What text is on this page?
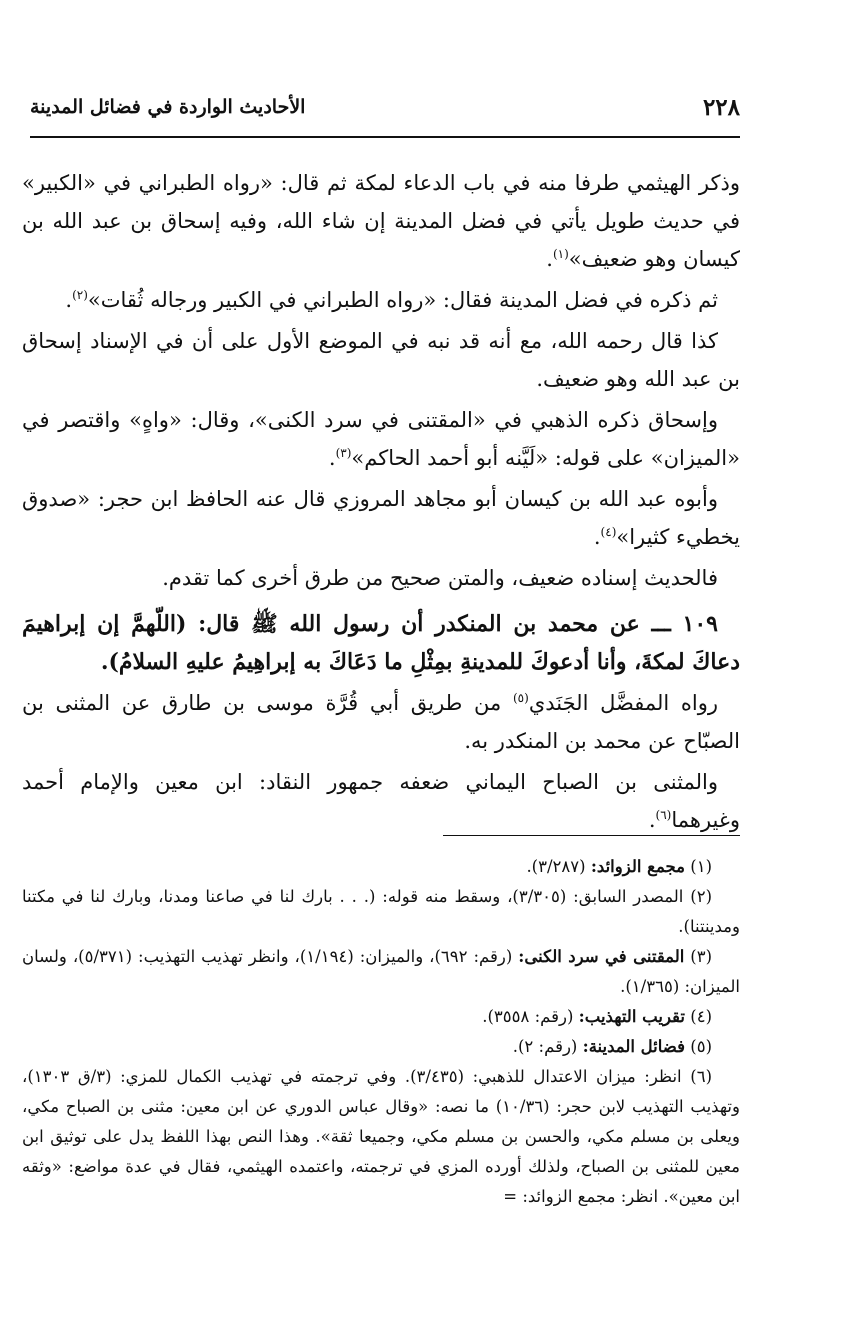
٢٢٨
الأحاديث الواردة في فضائل المدينة

وذكر الهيثمي طرفا منه في باب الدعاء لمكة ثم قال: «رواه الطبراني في «الكبير» في حديث طويل يأتي في فضل المدينة إن شاء الله، وفيه إسحاق بن عبد الله بن كيسان وهو ضعيف»$^{(١)}$.

ثم ذكره في فضل المدينة فقال: «رواه الطبراني في الكبير ورجاله ثُقات»$^{(٢)}$.

كذا قال رحمه الله، مع أنه قد نبه في الموضع الأول على أن في الإسناد إسحاق بن عبد الله وهو ضعيف.

وإسحاق ذكره الذهبي في «المقتنى في سرد الكنى»، وقال: «واهٍ» واقتصر في «الميزان» على قوله: «لَيَّنه أبو أحمد الحاكم»$^{(٣)}$.

وأبوه عبد الله بن كيسان أبو مجاهد المروزي قال عنه الحافظ ابن حجر: «صدوق يخطيء كثيرا»$^{(٤)}$.

فالحديث إسناده ضعيف، والمتن صحيح من طرق أخرى كما تقدم.

١٠٩ ـــ عن محمد بن المنكدر أن رسول الله ﷺ قال: (اللّهمَّ إن إبراهيمَ دعاكَ لمكةَ، وأنا أدعوكَ للمدينةِ بمِثْلِ ما دَعَاكَ به إبراهِيمُ عليهِ السلامُ).

رواه المفضَّل الجَنَدي$^{(٥)}$ من طريق أبي قُرَّة موسى بن طارق عن المثنى بن الصبّاح عن محمد بن المنكدر به.

والمثنى بن الصباح اليماني ضعفه جمهور النقاد: ابن معين والإمام أحمد وغيرهما$^{(٦)}$.

(١) مجمع الزوائد: (٣/٢٨٧).

(٢) المصدر السابق: (٣/٣٠٥)، وسقط منه قوله: (. . . بارك لنا في صاعنا ومدنا، وبارك لنا في مكتنا ومدينتنا).

(٣) المقتنى في سرد الكنى: (رقم: ٦٩٢)، والميزان: (١/١٩٤)، وانظر تهذيب التهذيب: (٥/٣٧١)، ولسان الميزان: (١/٣٦٥).

(٤) تقريب التهذيب: (رقم: ٣٥٥٨).

(٥) فضائل المدينة: (رقم: ٢).

(٦) انظر: ميزان الاعتدال للذهبي: (٣/٤٣٥). وفي ترجمته في تهذيب الكمال للمزي: (٣/ق ١٣٠٣)، وتهذيب التهذيب لابن حجر: (١٠/٣٦) ما نصه: «وقال عباس الدوري عن ابن معين: مثنى بن الصباح مكي، ويعلى بن مسلم مكي، والحسن بن مسلم مكي، وجميعا ثقة». وهذا النص بهذا اللفظ يدل على توثيق ابن معين للمثنى بن الصباح، ولذلك أورده المزي في ترجمته، واعتمده الهيثمي، فقال في عدة مواضع: «وثقه ابن معين». انظر: مجمع الزوائد: =
